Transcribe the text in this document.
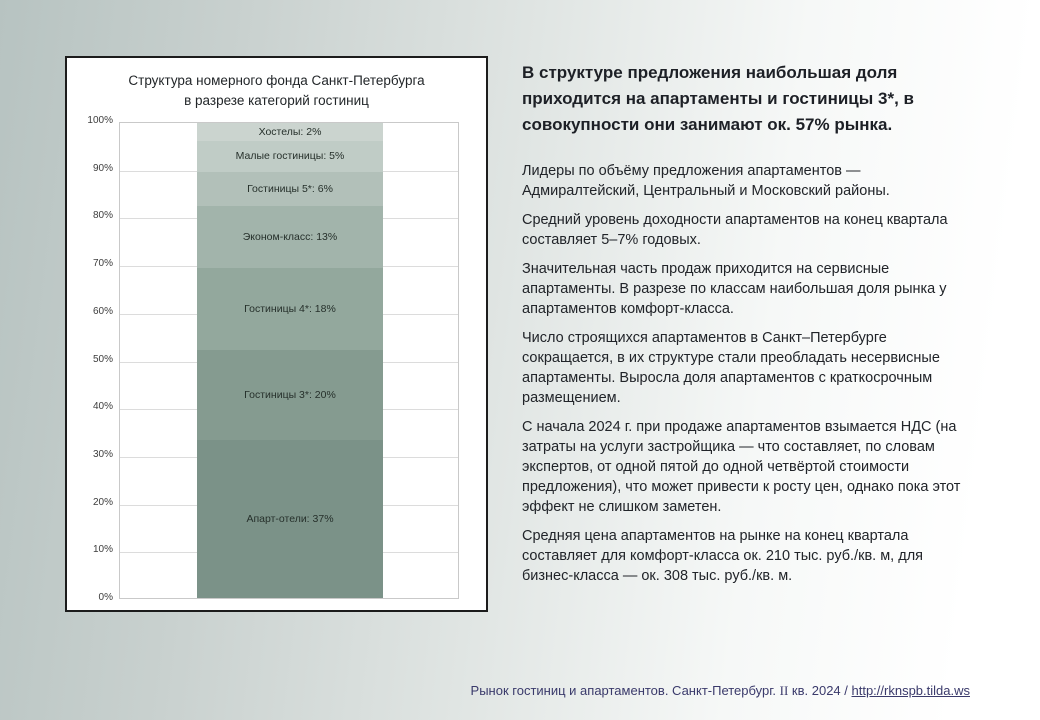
Структура номерного фонда Санкт-Петербурга
в разрезе категорий гостиниц
100%
90%
80%
70%
60%
50%
40%
30%
20%
10%
0%
Хостелы: 2%
Малые гостиницы: 5%
Гостиницы 5*: 6%
Эконом-класс: 13%
Гостиницы 4*: 18%
Гостиницы 3*: 20%
Апарт-отели: 37%
В структуре предложения наибольшая доля приходится на апартаменты и гостиницы 3*, в совокупности они занимают ок. 57% рынка.

Лидеры по объёму предложения апартаментов — Адмиралтейский, Центральный и Московский районы.

Средний уровень доходности апартаментов на конец квартала составляет 5–7% годовых.

Значительная часть продаж приходится на сервисные апартаменты. В разрезе по классам наибольшая доля рынка у апартаментов комфорт-класса.

Число строящихся апартаментов в Санкт–Петербурге сокращается, в их структуре стали преобладать несервисные апартаменты. Выросла доля апартаментов с краткосрочным размещением.

С начала 2024 г. при продаже апартаментов взымается НДС (на затраты на услуги застройщика — что составляет, по словам экспертов, от одной пятой до одной четвёртой стоимости предложения), что может привести к росту цен, однако пока этот эффект не слишком заметен.

Средняя цена апартаментов на рынке на конец квартала составляет для комфорт-класса ок. 210 тыс. руб./кв. м, для бизнес-класса — ок. 308 тыс. руб./кв. м.

Рынок гостиниц и апартаментов. Санкт-Петербург. II кв. 2024 / http://rknspb.tilda.ws
